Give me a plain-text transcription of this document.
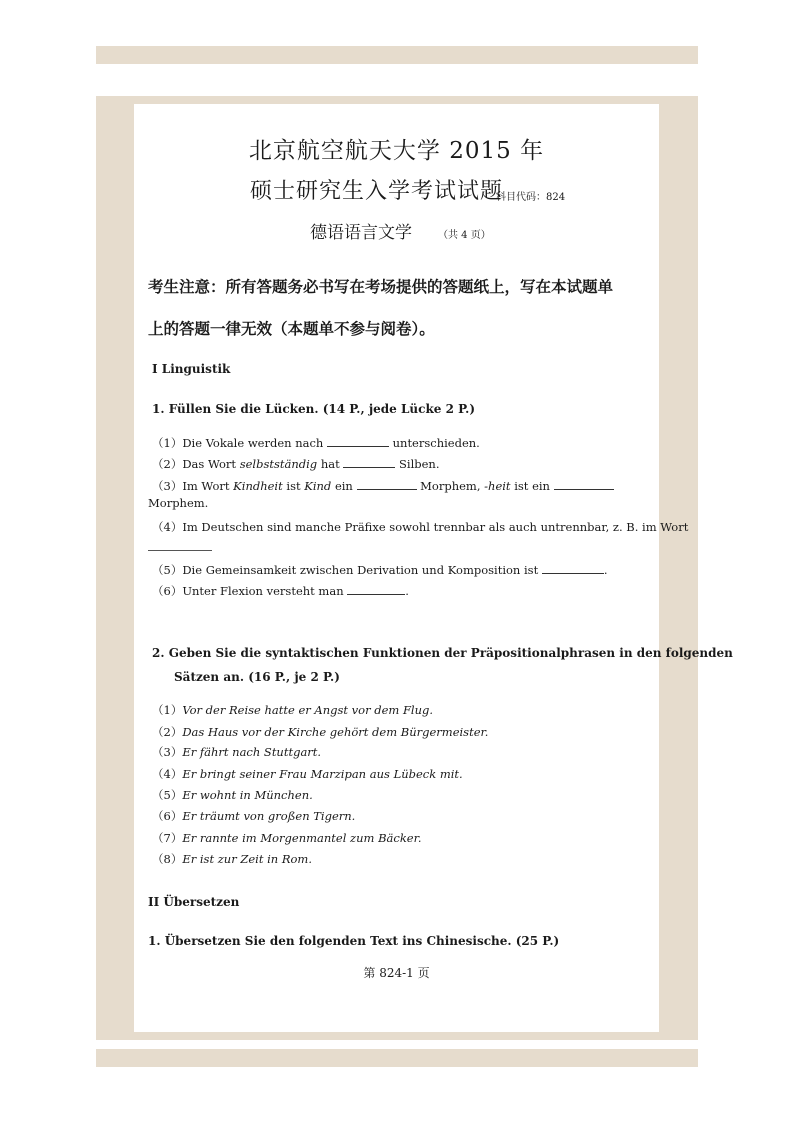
北京航空航天大学 2015 年
硕士研究生入学考试试题
科目代码：824
德语语言文学	（共 4 页）
考生注意：所有答题务必书写在考场提供的答题纸上，写在本试题单
上的答题一律无效（本题单不参与阅卷）。
I Linguistik
1. Füllen Sie die Lücken. (14 P., jede Lücke 2 P.)
（1）Die Vokale werden nach	unterschieden.
（2）Das Wort selbstständig hat	Silben.
（3）Im Wort Kindheit ist Kind ein	Morphem, -heit ist ein
Morphem.
（4）Im Deutschen sind manche Präfixe sowohl trennbar als auch untrennbar, z. B. im Wort
（5）Die Gemeinsamkeit zwischen Derivation und Komposition ist	.
（6）Unter Flexion versteht man	.
2. Geben Sie die syntaktischen Funktionen der Präpositionalphrasen in den folgenden
Sätzen an. (16 P., je 2 P.)
（1）Vor der Reise hatte er Angst vor dem Flug.
（2）Das Haus vor der Kirche gehört dem Bürgermeister.
（3）Er fährt nach Stuttgart.
（4）Er bringt seiner Frau Marzipan aus Lübeck mit.
（5）Er wohnt in München.
（6）Er träumt von großen Tigern.
（7）Er rannte im Morgenmantel zum Bäcker.
（8）Er ist zur Zeit in Rom.
II Übersetzen
1. Übersetzen Sie den folgenden Text ins Chinesische. (25 P.)
第 824-1 页
